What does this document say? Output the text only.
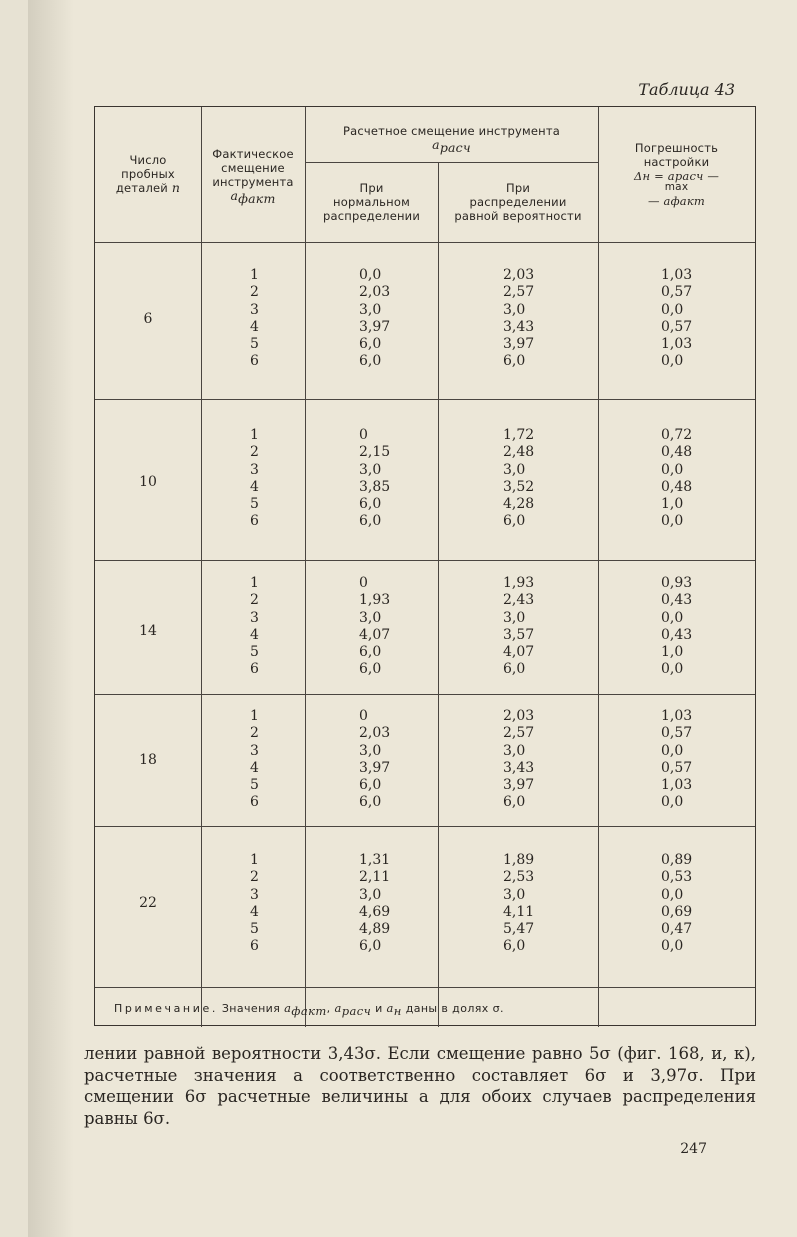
Таблица 43
Число
пробных
деталей n
Фактическое
смещение
инструмента
$a_{факт}$
Расчетное смещение инструмента
$a_{расч}$
При
нормальном
распределении
При
распределении
равной вероятности
Погрешность
настройки
Δн = aрасч —
max
— aфакт
6
1
2
3
4
5
6
0,0
2,03
3,0
3,97
6,0
6,0
2,03
2,57
3,0
3,43
3,97
6,0
1,03
0,57
0,0
0,57
1,03
0,0
10
1
2
3
4
5
6
0
2,15
3,0
3,85
6,0
6,0
1,72
2,48
3,0
3,52
4,28
6,0
0,72
0,48
0,0
0,48
1,0
0,0
14
1
2
3
4
5
6
0
1,93
3,0
4,07
6,0
6,0
1,93
2,43
3,0
3,57
4,07
6,0
0,93
0,43
0,0
0,43
1,0
0,0
18
1
2
3
4
5
6
0
2,03
3,0
3,97
6,0
6,0
2,03
2,57
3,0
3,43
3,97
6,0
1,03
0,57
0,0
0,57
1,03
0,0
22
1
2
3
4
5
6
1,31
2,11
3,0
4,69
4,89
6,0
1,89
2,53
3,0
4,11
5,47
6,0
0,89
0,53
0,0
0,69
0,47
0,0
Примечание. Значения $a_{факт}$, $a_{расч}$ и $a_н$ даны в долях σ.

лении равной вероятности 3,43σ. Если смещение равно 5σ (фиг. 168, и, к), расчетные значения a соответственно составляет 6σ и 3,97σ. При смещении 6σ расчетные величины a для обоих случаев распределения равны 6σ.

247
